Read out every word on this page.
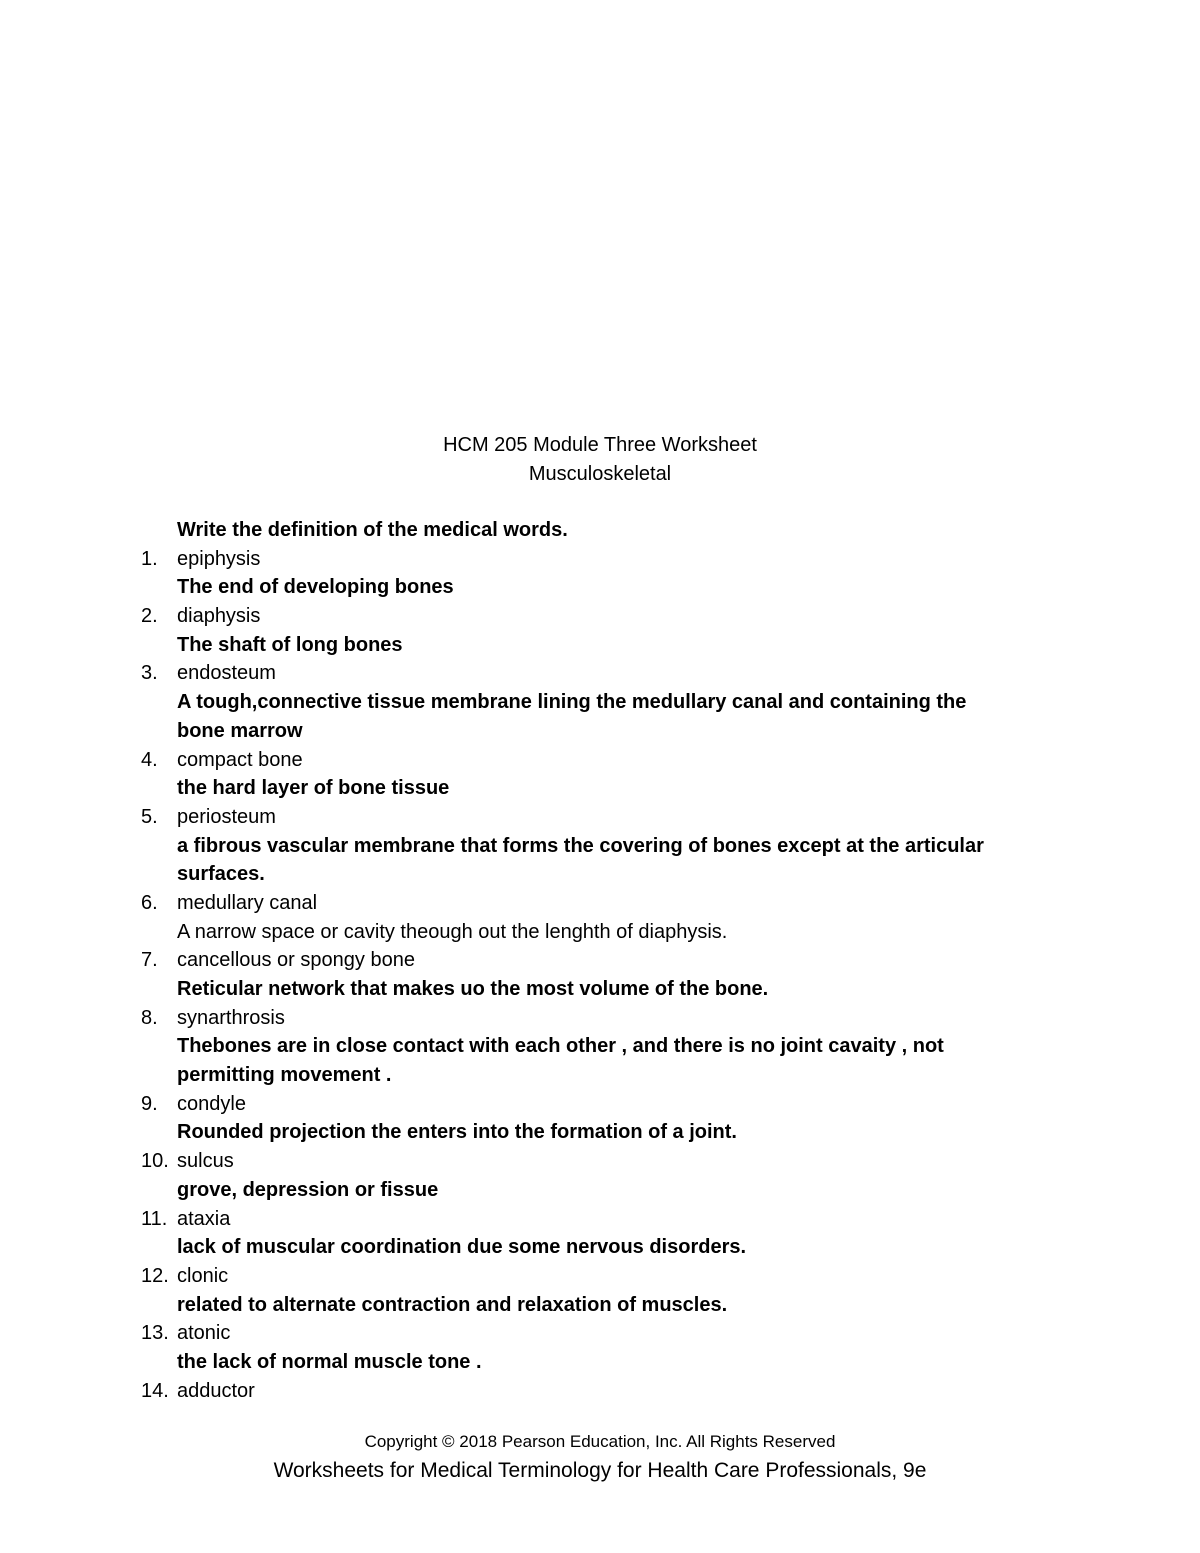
HCM 205 Module Three Worksheet
Musculoskeletal
Write the definition of the medical words.
1. epiphysis
The end of developing bones
2. diaphysis
The shaft of long bones
3. endosteum
A tough,connective tissue membrane lining the medullary canal and containing the
bone marrow
4. compact bone
the hard layer of bone tissue
5. periosteum
a fibrous vascular membrane that forms the covering of bones except at the articular
surfaces.
6. medullary canal
A narrow space or cavity theough out the lenghth of diaphysis.
7. cancellous or spongy bone
Reticular network that makes uo the most volume of the bone.
8. synarthrosis
Thebones are in close contact with each other , and there is no joint cavaity , not
permitting movement .
9. condyle
Rounded projection the enters into the formation of a joint.
10. sulcus
grove, depression or fissue
11. ataxia
lack of muscular coordination due some nervous disorders.
12. clonic
related to alternate contraction and relaxation of muscles.
13. atonic
the lack of normal muscle tone .
14. adductor
Copyright © 2018 Pearson Education, Inc. All Rights Reserved
Worksheets for Medical Terminology for Health Care Professionals, 9e
